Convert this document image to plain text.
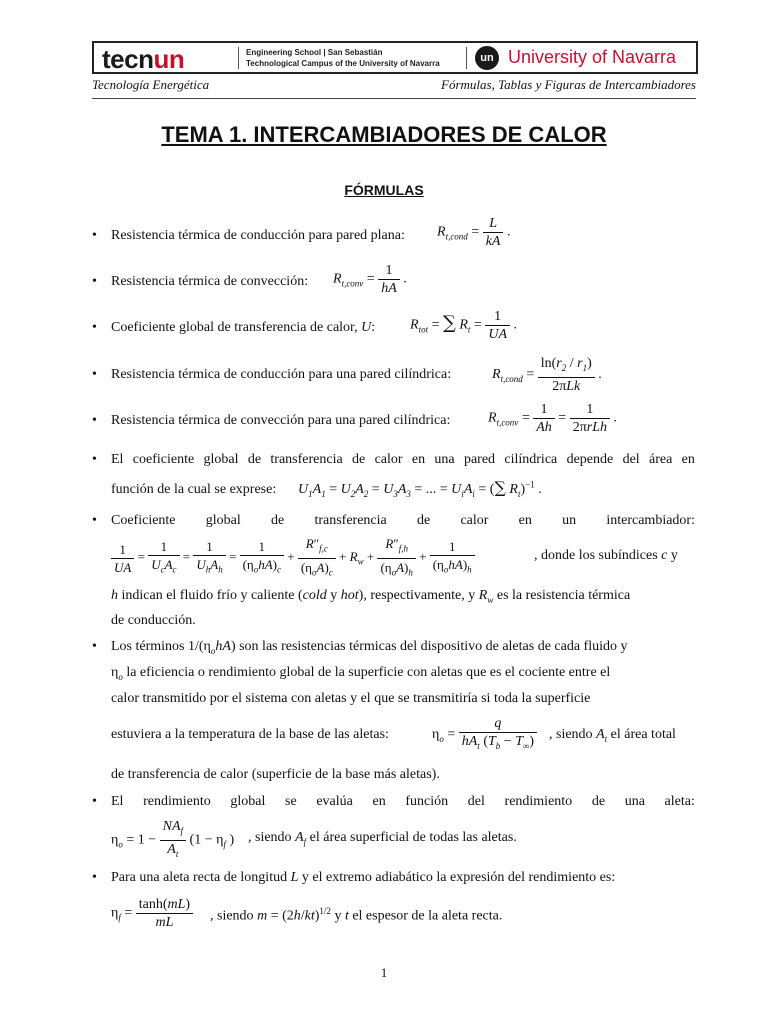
tecnun	Engineering School | San Sebastián
Technological Campus of the University of Navarra	un University of Navarra
Tecnología Energética	Fórmulas, Tablas y Figuras de Intercambiadores
TEMA 1. INTERCAMBIADORES DE CALOR
FÓRMULAS
• Resistencia térmica de conducción para pared plana: $R_{t,cond} = \frac{L}{kA}$ .
• Resistencia térmica de convección: $R_{t,conv} = \frac{1}{hA}$ .
• Coeficiente global de transferencia de calor, U: $R_{tot}$ = ∑ $R_t = \frac{1}{UA}$ .
• Resistencia térmica de conducción para una pared cilíndrica:	$R_{t,cond} = \frac{\ln(r_2 / r_1)}{\text{2πLk}}$ .
• Resistencia térmica de convección para una pared cilíndrica:	$R_{t,conv} = \frac{1}{Ah} = \frac{1}{\text{2πrLh}}$ .
• El coeficiente global de transferencia de calor en una pared cilíndrica depende del área en
función de la cual se exprese: $U_1A_1 = U_2A_2 = U_3A_3$ = ... = $U_iA_i$ = (∑ $R_t)^{-1}$ .
• Coeficiente global de transferencia de calor en un intercambiador:
$\frac{1}{UA} = \frac{1}{U_cA_c} = \frac{1}{U_hA_h} = \frac{1}{(\eta_ohA)_c} + \frac{R''_{f,c}}{(\eta_oA)_c} + R_w + \frac{R''_{f,h}}{(\eta_oA)_h} + \frac{1}{(\eta_ohA)_h}$	, donde los subíndices c y
h indican el fluido frío y caliente (cold y hot), respectivamente, y $R_w$ es la resistencia térmica
de conducción.
• Los términos $1/(\eta_ohA)$ son las resistencias térmicas del dispositivo de aletas de cada fluido y
$\eta_o$ la eficiencia o rendimiento global de la superficie con aletas que es el cociente entre el
calor transmitido por el sistema con aletas y el que se transmitiría si toda la superficie
estuviera a la temperatura de la base de las aletas:	$\eta_o = \frac{q}{hA_t (T_b - T_\infty)}$ , siendo $A_t$ el área total
de transferencia de calor (superficie de la base más aletas).
• El rendimiento global se evalúa en función del rendimiento de una aleta:
$\eta_o = 1 - \frac{NA_f}{A_t} (1 - \eta_f$ ) , siendo $A_f$ el área superficial de todas las aletas.
• Para una aleta recta de longitud L y el extremo adiabático la expresión del rendimiento es:
$\eta_f = \frac{\tanh(mL)}{mL}$ , siendo $m = (2h/kt)^{1/2}$ y t el espesor de la aleta recta.
1
